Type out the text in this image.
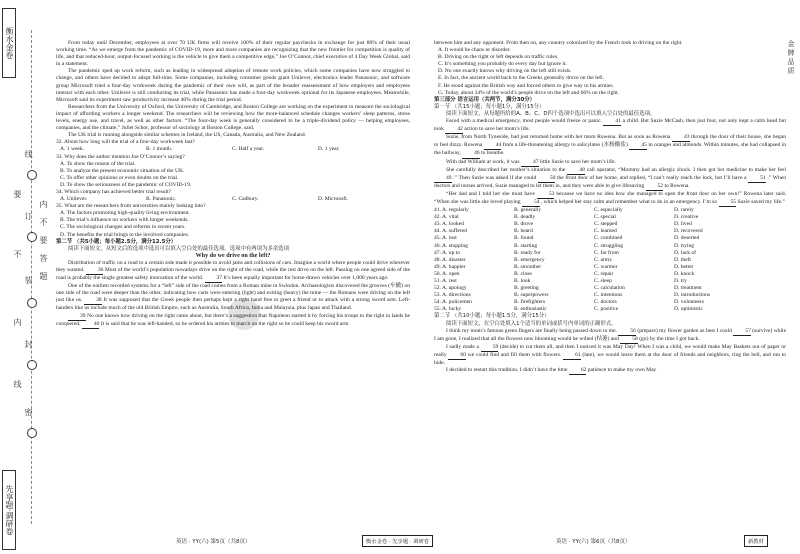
衡水金卷
先享题·调研卷
线
订
装
封
密
要
不
内
线
内
不
要
答
题
金牌品质

From today until December, employees at over 70 UK firms will receive 100% of their regular paychecks in exchange for just 80% of their usual working time. “As we emerge from the pandemic of COVID-19, more and more companies are recognizing that the new frontier for competition is quality of life, and that reduced-hour, output-focused working is the vehicle to give them a competitive edge,” Joe O’Connor, chief executive of 4 Day Week Global, said in a statement.

The pandemic sped up work reform, such as leading in widespread adoption of remote work policies, which some companies have now struggled to change, and others have decided to adopt full-time. Some companies, including consumer goods giant Unilever, electronics leader Panasonic, and software group Microsoft tried a four-day workweek during the pandemic of their own will, as part of the broader reassessment of how employers and employees interact with each other. Unilever is still conducting its trial, while Panasonic has made a four-day workweek optional for its Japanese employees. Meanwhile, Microsoft said its experiment saw productivity increase 40% during the trial period.

Researchers from the University of Oxford, the University of Cambridge, and Boston College are working on the experiment to measure the sociological impact of affording workers a longer weekend. The researchers will be reviewing how the more-balanced schedule changes workers’ sleep patterns, stress levels, energy use, and travel, as well as other factors. “The four-day week is generally considered to be a triple-dividend policy — helping employees, companies, and the climate,” Juliet Schor, professor of sociology at Boston College, said.

The UK trial is running alongside similar schemes in Ireland, the US, Canada, Australia, and New Zealand.

32. About how long will the trial of a four-day workweek last?

A. 1 week.	B. 1 month.	C. Half a year.	D. 1 year.

33. Why does the author mention Joe O’Connor’s saying?

A. To show the reason of the trial.

B. To analyze the present economic situation of the UK.

C. To offer other opinions or even doubts on the trial.

D. To show the seriousness of the pandemic of COVID-19.

34. Which company has achieved better trial result?

A. Unilever.	B. Panasonic.	C. Cadbury.	D. Microsoft.

35. What are the researchers from universities mainly looking into?

A. The factors promoting high-quality living environment.

B. The trial’s influence on workers with longer weekends.

C. The sociological changes and reforms in recent years.

D. The benefits the trial brings to the involved companies.

第二节 （共5小题；每小题2.5分，满分12.5分）

阅读下面短文，从短文后的选项中选出可以填入空白处的最佳选项。选项中有两项为多余选项

Why do we drive on the left?

Distribution of traffic on a road to a certain side made it possible to avoid jams and collisions of cars. Imagine a world where people could drive wherever they wanted. 36 Most of the world’s population nowadays drive on the right of the road, while the rest drive on the left. Passing on one agreed side of the road is probably the single greatest safety innovation of the world. 37 It’s been equally important for horse-drawn vehicles over 1,000 years ago.

One of the earliest recorded systems for a “left” side of the road comes from a Roman mine in Swindon. Archaeologists discovered the grooves (车辙) on one side of the road were deeper than the other, indicating how carts were entering (light) and exiting (heavy) the mine — the Romans were driving on the left just like us. 38 It was supposed that the Greek people then perhaps kept a right hand free to greet a friend or to attack with a strong sword arm. Left-handers like us include much of the old British Empire, such as Australia, South Africa, India and Malaysia, plus Japan and Thailand.

39 No one knows how driving on the right came about, but there’s a suggestion that Napoleon started it by forcing his troops to the right in lands he conquered. 40 It is said that he was left-handed, so he ordered his armies to march on the right so he could keep his sword arm

between him and any opponent. From then on, any country colonized by the French took to driving on the right.

A. It would be chaos or disorder.

B. Driving on the right or left depends on traffic rules.

C. It’s something you probably do every day but ignore it.

D. No one exactly knows why driving on the left still exists.

E. In fact, the ancient world back to the Greeks generally drove on the left.

F. He stood against the British way and forced others to give way to his armies.

G. Today, about 34% of the world’s people drive on the left and 66% on the right.

第三部分 语言运用（共两节，满分30分）

第一节 （共15小题；每小题1分，满分15分）

阅读下面短文，从每题所给的A、B、C、D四个选项中选出可以填入空白处的最佳选项。

Faced with a medical emergency, most people would freeze or panic. 41 a child. But Suzie McCash, then just four, not only kept a calm head but took 42 action to save her mom’s life.

Suzie, from North Tyneside, had just returned home with her mom Rowena. But as soon as Rowena 43 through the door of their house, she began to feel dizzy. Rowena 44 from a life-threatening allergy to salicylates (水杨酸盐) 45 in oranges and almonds. Within minutes, she had collapsed in the hallway, 46 to breathe.

With dad William at work, it was 47 little Suzie to save her mom’s life.

She carefully described her mother’s situation to the	48 call operator, “Mommy had an allergic shock. I then got her medicine to make her feel 49 .” Then Suzie was asked if she could 50 the front door of her home, and replied, “I can’t really reach the lock, but I’ll have a 51 .” When doctors and nurses arrived, Suzie managed to let them in, and they were able to give lifesaving 52 to Rowena.

“Her dad and I told her she must have	53 because we have no idea how she managed to open the front door on her own!” Rowena later said. “When she was little she loved playing 54 , which helped her stay calm and remember what to do in an emergency. I’m so 55 Suzie saved my life.”

41. A. regularly	B. generally	C. especially	D. rarely
42. A. vital	B. deadly	C. special	D. creative
43. A. looked	B. drove	C. stepped	D. lived
44. A. suffered	B. heard	C. learned	D. recovered
45. A. lost	B. found	C. combined	D. deserted
46. A. stopping	B. starting	C. struggling	D. trying
47. A. up to	B. ready for	C. far from	D. lack of
48. A. disaster	B. emergency	C. army	D. theft
49. A. happier	B. smoother	C. warmer	D. better
50. A. open	B. close	C. repair	D. knock
51. A. rest	B. look	C. sleep	D. try
52. A. apology	B. greeting	C. calculation	D. treatment
53. A. directions	B. superpowers	C. intentions	D. introductions
54. A. policemen	B. firefighters	C. doctors	D. volunteers
55. A. lucky	B. enthusiastic	C. positive	D. optimistic

第二节 （共10小题；每小题1.5分，满分15分）

阅读下面短文，在空白处填入1个适当的单词或括号内单词的正确形式。

I think my mom’s famous green fingers are finally being passed down to me. 56 (prepare) my flower garden as best I could 57 (survive) while I am gone, I realized that all the flowers now blooming would be wilted (枯萎) and 58 (go) by the time I got back.

I sadly made a 59 (decide) to cut them all, and then I noticed it was May Day! When I was a child, we would make May Baskets out of paper or really 60 we could find and fill them with flowers. 61 (late), we would leave them at the door of friends and neighbors, ring the bell, and run to hide.

I decided to restart this tradition. I didn’t have the time 62 patience to make my own May

英语 · YY(六) 第5页（共8页）	衡水金卷 · 先享题 · 调研卷	英语 · YY(六) 第6页（共8页）	新教材
